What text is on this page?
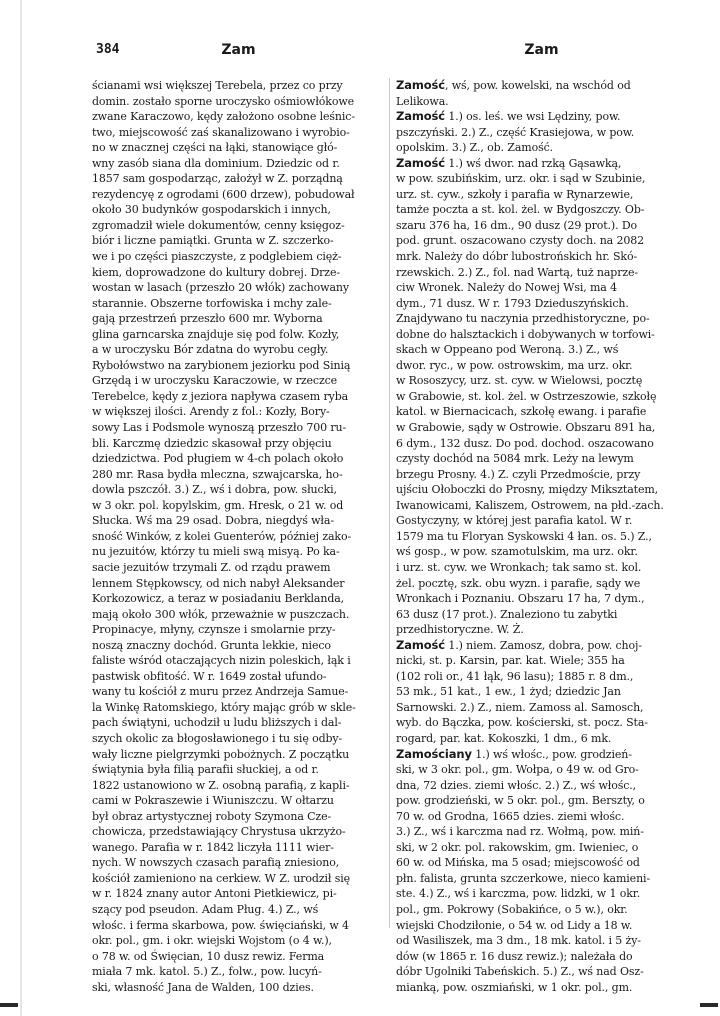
384	Zam	Zam
ścianami wsi większej Terebela, przez co przy
domin. zostało sporne uroczysko ośmiowłókowe
zwane Karaczowo, kędy założono osobne leśnic-
two, miejscowość zaś skanalizowano i wyrobio-
no w znacznej części na łąki, stanowiące głó-
wny zasób siana dla dominium. Dziedzic od r.
1857 sam gospodarząc, założył w Z. porządną
rezydencyę z ogrodami (600 drzew), pobudował
około 30 budynków gospodarskich i innych,
zgromadził wiele dokumentów, cenny księgoz-
biór i liczne pamiątki. Grunta w Z. szczerko-
we i po części piaszczyste, z podglebiem cięż-
kiem, doprowadzone do kultury dobrej. Drze-
wostan w lasach (przeszło 20 włók) zachowany
starannie. Obszerne torfowiska i mchy zale-
gają przestrzeń przeszło 600 mr. Wyborna
glina garncarska znajduje się pod folw. Kozły,
a w uroczysku Bór zdatna do wyrobu cegły.
Rybołówstwo na zarybionem jeziorku pod Sinią
Grzędą i w uroczysku Karaczowie, w rzeczce
Terebelce, kędy z jeziora napływa czasem ryba
w większej ilości. Arendy z fol.: Kozły, Bory-
sowy Las i Podsmole wynoszą przeszło 700 ru-
bli. Karczmę dziedzic skasował przy objęciu
dziedzictwa. Pod pługiem w 4-ch polach około
280 mr. Rasa bydła mleczna, szwajcarska, ho-
dowla pszczół. 3.) Z., wś i dobra, pow. słucki,
w 3 okr. pol. kopylskim, gm. Hresk, o 21 w. od
Słucka. Wś ma 29 osad. Dobra, niegdyś wła-
sność Winków, z kolei Guenterów, później zako-
nu jezuitów, którzy tu mieli swą misyą. Po ka-
sacie jezuitów trzymali Z. od rządu prawem
lennem Stępkowscy, od nich nabył Aleksander
Korkozowicz, a teraz w posiadaniu Berklanda,
mają około 300 włók, przeważnie w puszczach.
Propinacye, młyny, czynsze i smolarnie przy-
noszą znaczny dochód. Grunta lekkie, nieco
faliste wśród otaczających nizin poleskich, łąk i
pastwisk obfitość. W r. 1649 został ufundo-
wany tu kościół z muru przez Andrzeja Samue-
la Winkę Ratomskiego, który mając grób w skle-
pach świątyni, uchodził u ludu bliższych i dal-
szych okolic za błogosławionego i tu się odby-
wały liczne pielgrzymki pobożnych. Z początku
świątynia była filią parafii słuckiej, a od r.
1822 ustanowiono w Z. osobną parafią, z kapli-
cami w Pokraszewie i Wiuniszczu. W ołtarzu
był obraz artystycznej roboty Szymona Cze-
chowicza, przedstawiający Chrystusa ukrzyżo-
wanego. Parafia w r. 1842 liczyła 1111 wier-
nych. W nowszych czasach parafią zniesiono,
kościół zamieniono na cerkiew. W Z. urodził się
w r. 1824 znany autor Antoni Pietkiewicz, pi-
szący pod pseudon. Adam Pług. 4.) Z., wś
włośc. i ferma skarbowa, pow. święciański, w 4
okr. pol., gm. i okr. wiejski Wojstom (o 4 w.),
o 78 w. od Święcian, 10 dusz rewiz. Ferma
miała 7 mk. katol. 5.) Z., folw., pow. lucyń-
ski, własność Jana de Walden, 100 dzies.
Zamość, wś, pow. kowelski, na wschód od
Lelikowa.
Zamość 1.) os. leś. we wsi Lędziny, pow.
pszczyński. 2.) Z., część Krasiejowa, w pow.
opolskim. 3.) Z., ob. Zamość.
Zamość 1.) wś dwor. nad rzką Gąsawką,
w pow. szubińskim, urz. okr. i sąd w Szubinie,
urz. st. cyw., szkoły i parafia w Rynarzewie,
tamże poczta a st. kol. żel. w Bydgoszczy. Ob-
szaru 376 ha, 16 dm., 90 dusz (29 prot.). Do
pod. grunt. oszacowano czysty doch. na 2082
mrk. Należy do dóbr lubostrońskich hr. Skó-
rzewskich. 2.) Z., fol. nad Wartą, tuż naprze-
ciw Wronek. Należy do Nowej Wsi, ma 4
dym., 71 dusz. W r. 1793 Dzieduszyńskich.
Znajdywano tu naczynia przedhistoryczne, po-
dobne do halsztackich i dobywanych w torfowi-
skach w Oppeano pod Weroną. 3.) Z., wś
dwor. ryc., w pow. ostrowskim, ma urz. okr.
w Rososzycy, urz. st. cyw. w Wielowsi, pocztę
w Grabowie, st. kol. żel. w Ostrzeszowie, szkołę
katol. w Biernacicach, szkołę ewang. i parafie
w Grabowie, sądy w Ostrowie. Obszaru 891 ha,
6 dym., 132 dusz. Do pod. dochod. oszacowano
czysty dochód na 5084 mrk. Leży na lewym
brzegu Prosny. 4.) Z. czyli Przedmoście, przy
ujściu Ołoboczki do Prosny, między Miksztatem,
Iwanowicami, Kaliszem, Ostrowem, na płd.-zach.
Gostyczyny, w której jest parafia katol. W r.
1579 ma tu Floryan Syskowski 4 łan. os. 5.) Z.,
wś gosp., w pow. szamotulskim, ma urz. okr.
i urz. st. cyw. we Wronkach; tak samo st. kol.
żel. pocztę, szk. obu wyzn. i parafie, sądy we
Wronkach i Poznaniu. Obszaru 17 ha, 7 dym.,
63 dusz (17 prot.). Znaleziono tu zabytki
przedhistoryczne. W. Ż.
Zamość 1.) niem. Zamosz, dobra, pow. choj-
nicki, st. p. Karsin, par. kat. Wiele; 355 ha
(102 roli or., 41 łąk, 96 lasu); 1885 r. 8 dm.,
53 mk., 51 kat., 1 ew., 1 żyd; dziedzic Jan
Sarnowski. 2.) Z., niem. Zamoss al. Samosch,
wyb. do Bączka, pow. kościerski, st. pocz. Sta-
rogard, par. kat. Kokoszki, 1 dm., 6 mk.
Zamościany 1.) wś włośc., pow. grodzień-
ski, w 3 okr. pol., gm. Wołpa, o 49 w. od Gro-
dna, 72 dzies. ziemi włośc. 2.) Z., wś włośc.,
pow. grodzieński, w 5 okr. pol., gm. Berszty, o
70 w. od Grodna, 1665 dzies. ziemi włośc.
3.) Z., wś i karczma nad rz. Wołmą, pow. miń-
ski, w 2 okr. pol. rakowskim, gm. Iwieniec, o
60 w. od Mińska, ma 5 osad; miejscowość od
płn. falista, grunta szczerkowe, nieco kamieni-
ste. 4.) Z., wś i karczma, pow. lidzki, w 1 okr.
pol., gm. Pokrowy (Sobakińce, o 5 w.), okr.
wiejski Chodziłonie, o 54 w. od Lidy a 18 w.
od Wasiliszek, ma 3 dm., 18 mk. katol. i 5 ży-
dów (w 1865 r. 16 dusz rewiz.); należała do
dóbr Ugolniki Tabeńskich. 5.) Z., wś nad Osz-
mianką, pow. oszmiański, w 1 okr. pol., gm.
